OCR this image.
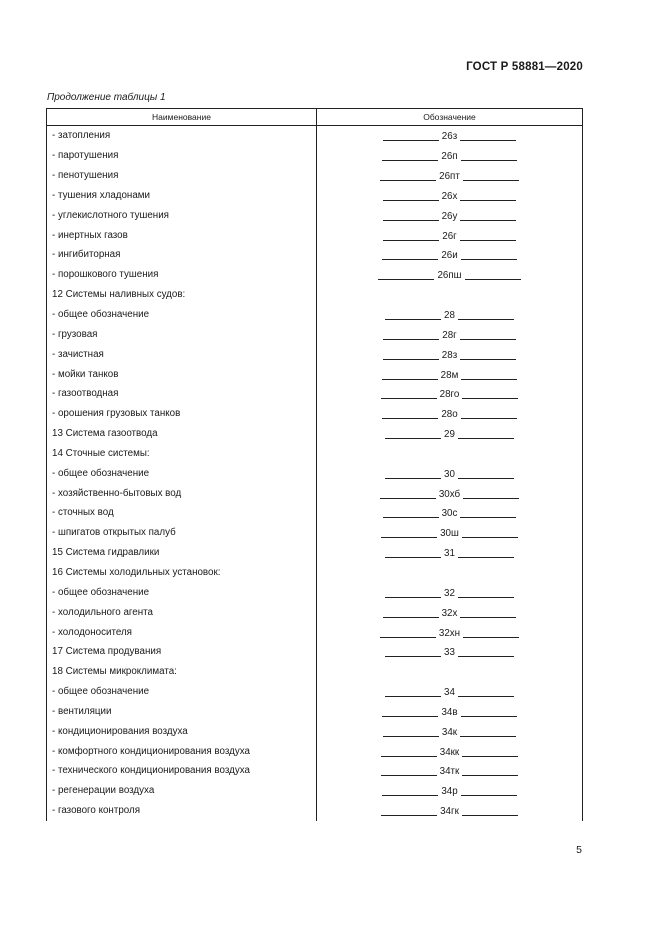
ГОСТ Р 58881—2020
Продолжение таблицы 1
Наименование	Обозначение
- затопления	26з

- паротушения	26п

- пенотушения	26пт

- тушения хладонами	26х

- углекислотного тушения	26у

- инертных газов	26г

- ингибиторная	26и

- порошкового тушения	26пш

12 Системы наливных судов:	
- общее обозначение	28

- грузовая	28г

- зачистная	28з

- мойки танков	28м

- газоотводная	28го

- орошения грузовых танков	28о

13 Система газоотвода	29

14 Сточные системы:	
- общее обозначение	30

- хозяйственно-бытовых вод	30хб

- сточных вод	30с

- шпигатов открытых палуб	30ш

15 Система гидравлики	31

16 Системы холодильных установок:	
- общее обозначение	32

- холодильного агента	32х

- холодоносителя	32хн

17 Система продувания	33

18 Системы микроклимата:	
- общее обозначение	34

- вентиляции	34в

- кондиционирования воздуха	34к

- комфортного кондиционирования воздуха	34кк

- технического кондиционирования воздуха	34тк

- регенерации воздуха	34р

- газового контроля	34гк
5
